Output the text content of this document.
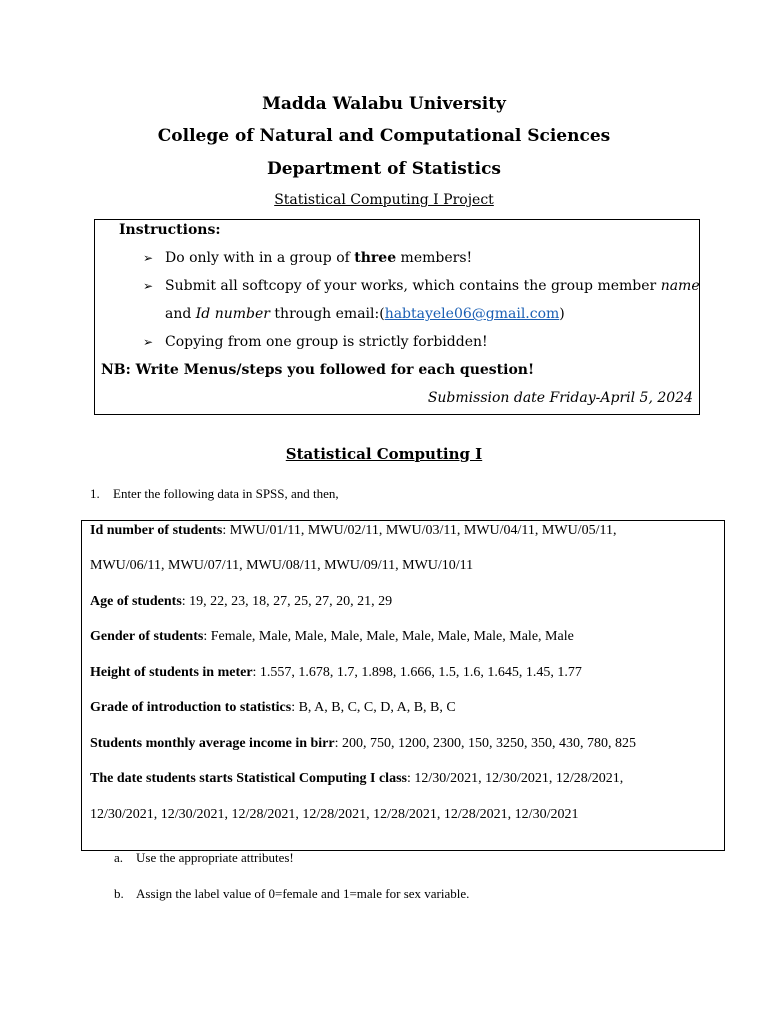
Madda Walabu University
College of Natural and Computational Sciences
Department of Statistics
Statistical Computing I Project
Instructions:
➢ Do only with in a group of three members!
➢ Submit all softcopy of your works, which contains the group member name
and Id number through email:(habtayele06@gmail.com)
➢ Copying from one group is strictly forbidden!
NB: Write Menus/steps you followed for each question!
Submission date Friday-April 5, 2024
Statistical Computing I
1. Enter the following data in SPSS, and then,
Id number of students: MWU/01/11, MWU/02/11, MWU/03/11, MWU/04/11, MWU/05/11,
MWU/06/11, MWU/07/11, MWU/08/11, MWU/09/11, MWU/10/11
Age of students: 19, 22, 23, 18, 27, 25, 27, 20, 21, 29
Gender of students: Female, Male, Male, Male, Male, Male, Male, Male, Male, Male
Height of students in meter: 1.557, 1.678, 1.7, 1.898, 1.666, 1.5, 1.6, 1.645, 1.45, 1.77
Grade of introduction to statistics: B, A, B, C, C, D, A, B, B, C
Students monthly average income in birr: 200, 750, 1200, 2300, 150, 3250, 350, 430, 780, 825
The date students starts Statistical Computing I class: 12/30/2021, 12/30/2021, 12/28/2021,
12/30/2021, 12/30/2021, 12/28/2021, 12/28/2021, 12/28/2021, 12/28/2021, 12/30/2021
a. Use the appropriate attributes!
b. Assign the label value of 0=female and 1=male for sex variable.
